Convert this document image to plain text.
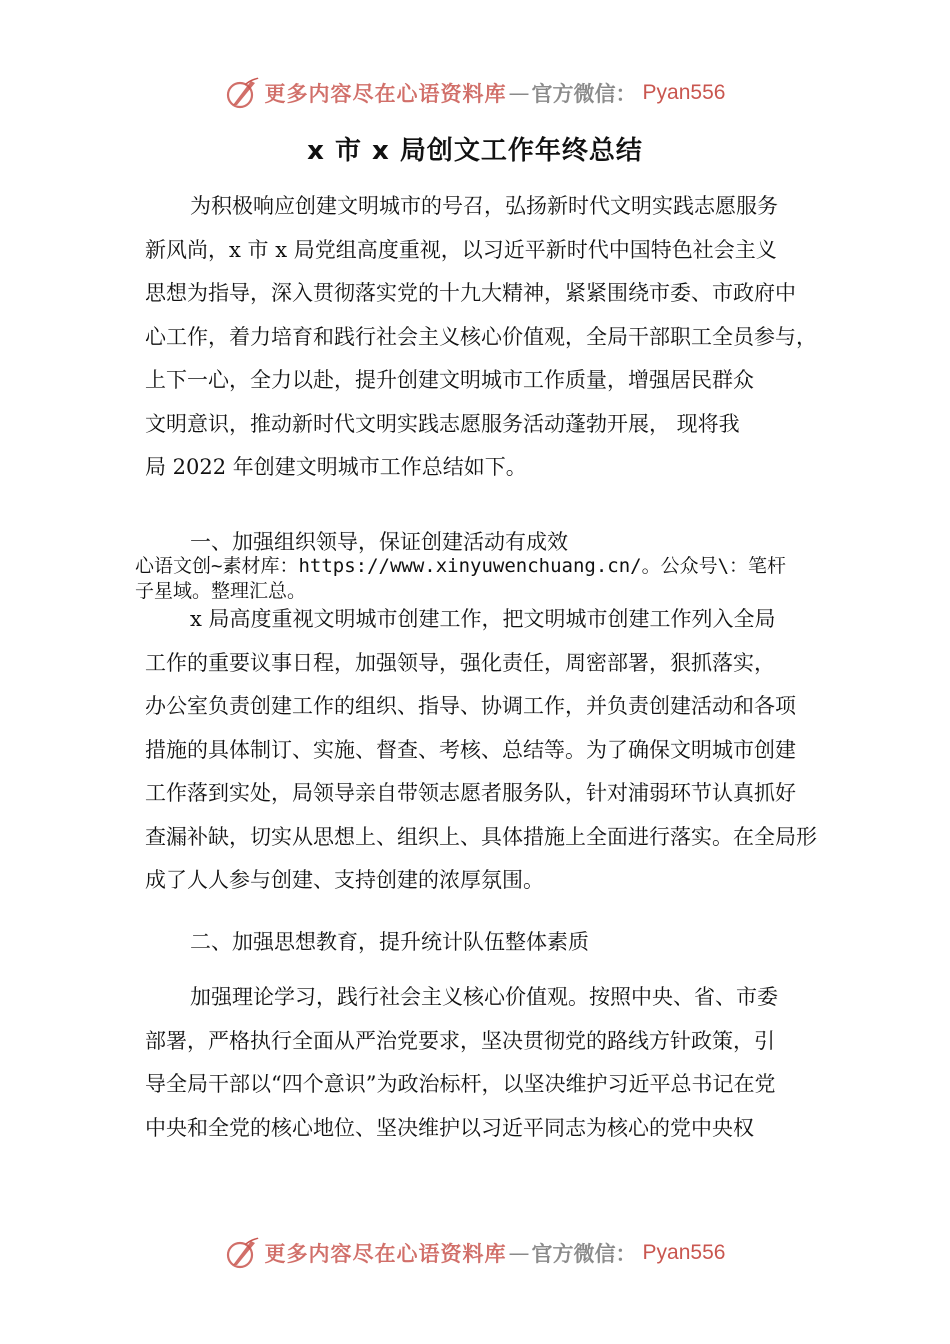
更多内容尽在心语资料库 — 官方微信： Pyan556
x 市 x 局创文工作年终总结

为积极响应创建文明城市的号召，弘扬新时代文明实践志愿服务
新风尚，x 市 x 局党组高度重视，以习近平新时代中国特色社会主义
思想为指导，深入贯彻落实党的十九大精神，紧紧围绕市委、市政府中
心工作，着力培育和践行社会主义核心价值观，全局干部职工全员参与，
上下一心，全力以赴，提升创建文明城市工作质量，增强居民群众
文明意识，推动新时代文明实践志愿服务活动蓬勃开展， 现将我
局 2022 年创建文明城市工作总结如下。

一、加强组织领导，保证创建活动有成效

心语文创~素材库：https://www.xinyuwenchuang.cn/。公众号\：笔杆
子星域。整理汇总。

x 局高度重视文明城市创建工作，把文明城市创建工作列入全局
工作的重要议事日程，加强领导，强化责任，周密部署，狠抓落实，
办公室负责创建工作的组织、指导、协调工作，并负责创建活动和各项
措施的具体制订、实施、督查、考核、总结等。为了确保文明城市创建
工作落到实处，局领导亲自带领志愿者服务队，针对浦弱环节认真抓好
查漏补缺，切实从思想上、组织上、具体措施上全面进行落实。在全局形
成了人人参与创建、支持创建的浓厚氛围。

二、加强思想教育，提升统计队伍整体素质

加强理论学习，践行社会主义核心价值观。按照中央、省、市委
部署，严格执行全面从严治党要求，坚决贯彻党的路线方针政策，引
导全局干部以“四个意识”为政治标杆，以坚决维护习近平总书记在党
中央和全党的核心地位、坚决维护以习近平同志为核心的党中央权

更多内容尽在心语资料库 — 官方微信： Pyan556
